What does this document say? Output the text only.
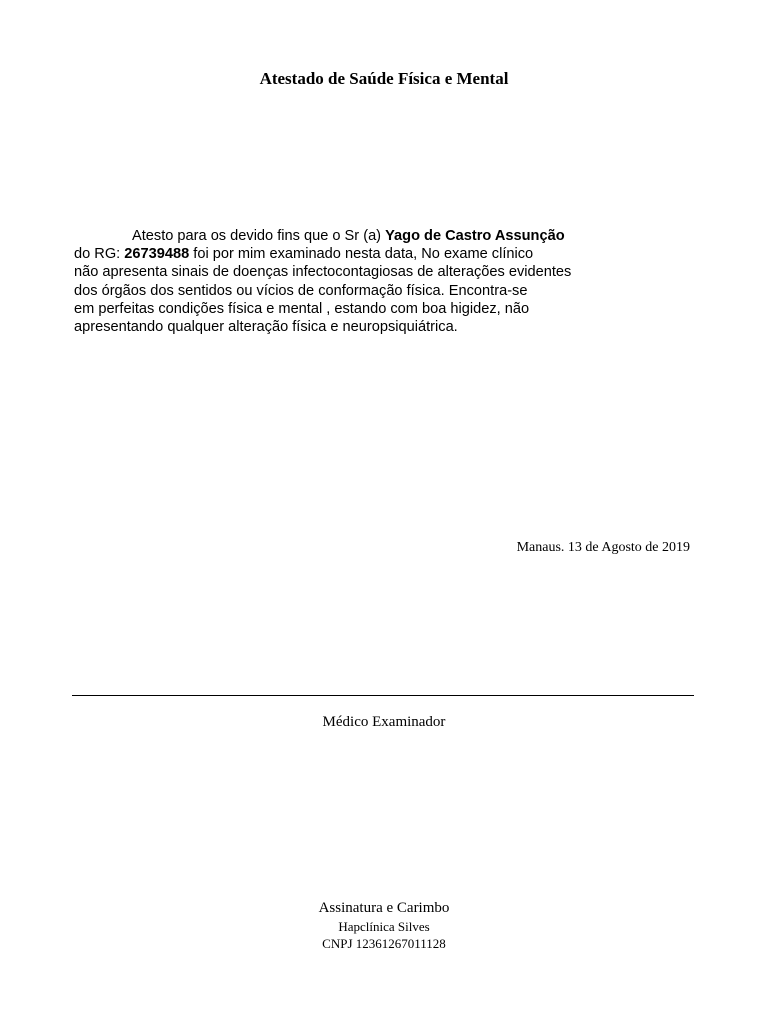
Atestado de Saúde Física e Mental
Atesto para os devido fins que o Sr (a) Yago de Castro Assunção
do RG: 26739488 foi por mim examinado nesta data, No exame clínico
não apresenta sinais de doenças infectocontagiosas de alterações evidentes
dos órgãos dos sentidos ou vícios de conformação física. Encontra-se
em perfeitas condições física e mental , estando com boa higidez, não
apresentando qualquer alteração física e neuropsiquiátrica.
Manaus. 13 de Agosto de 2019
Médico Examinador
Assinatura e Carimbo
Hapclínica Silves
CNPJ 12361267011128
